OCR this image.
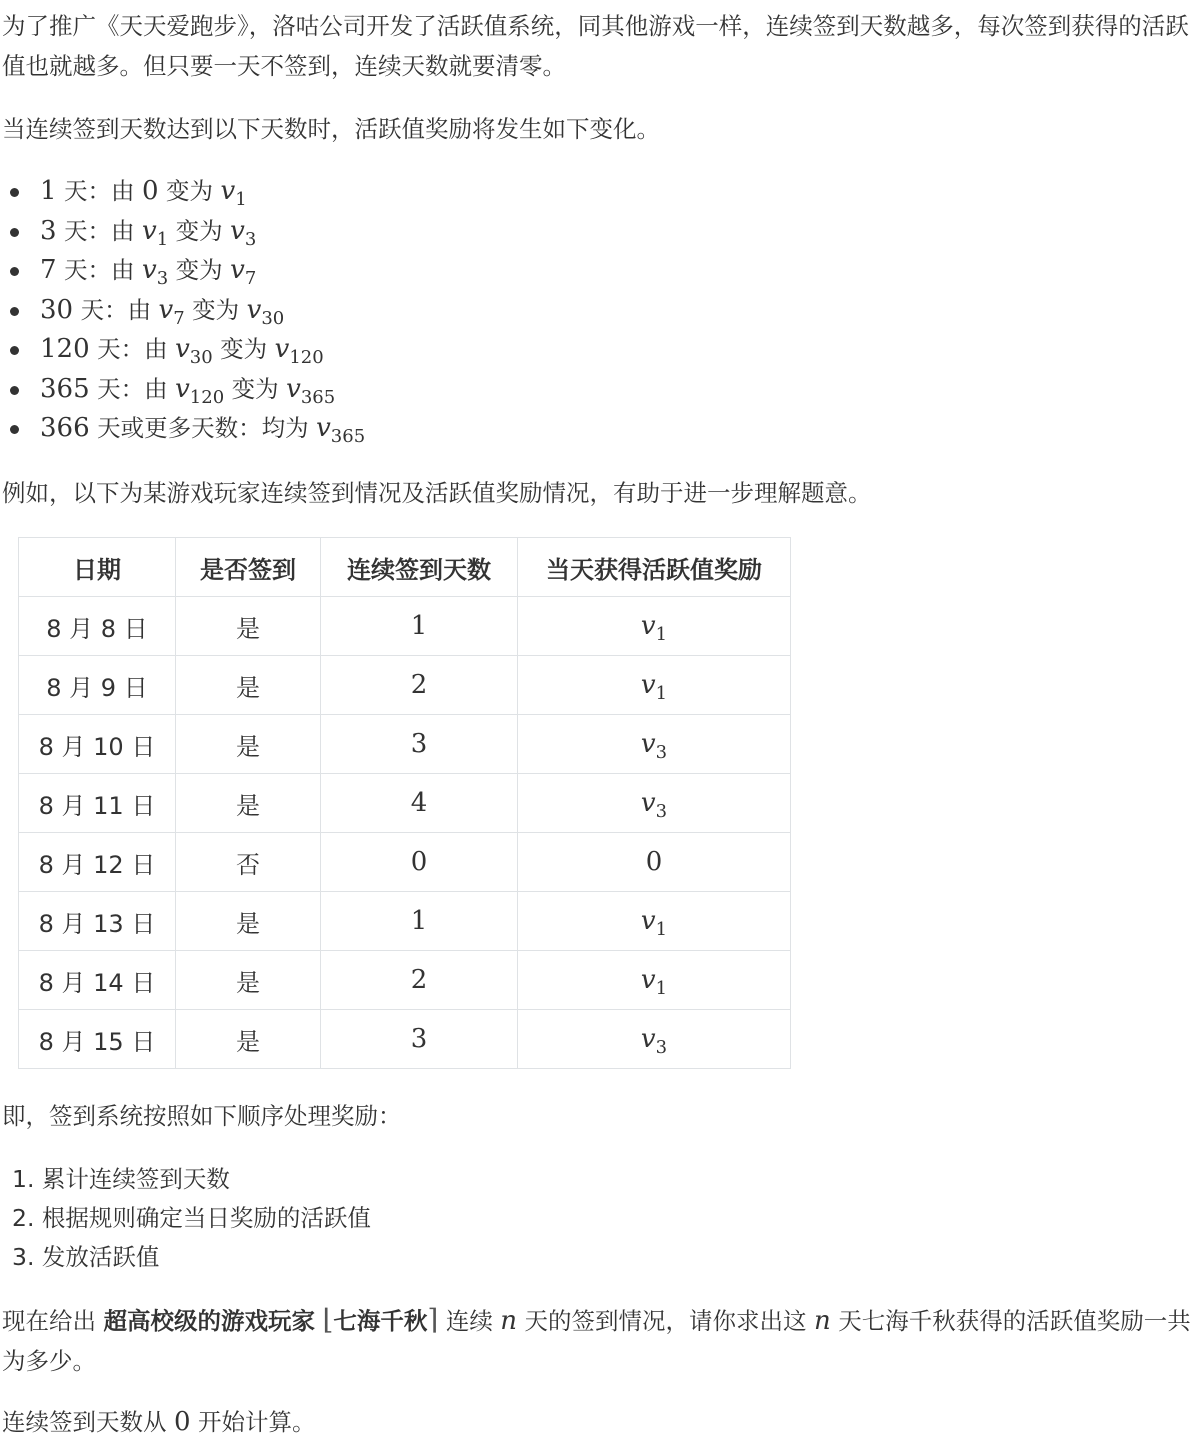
为了推广《天天爱跑步》，洛咕公司开发了活跃值系统，同其他游戏一样，连续签到天数越多，每次签到获得的活跃值也就越多。但只要一天不签到，连续天数就要清零。

当连续签到天数达到以下天数时，活跃值奖励将发生如下变化。

1 天：由 0 变为 $v_1$
3 天：由 $v_1$ 变为 $v_3$
7 天：由 $v_3$ 变为 $v_7$
30 天：由 $v_7$ 变为 $v_{30}$
120 天：由 $v_{30}$ 变为 $v_{120}$
365 天：由 $v_{120}$ 变为 $v_{365}$
366 天或更多天数：均为 $v_{365}$

例如，以下为某游戏玩家连续签到情况及活跃值奖励情况，有助于进一步理解题意。

日期	是否签到	连续签到天数	当天获得活跃值奖励
8 月 8 日	是	1	$v_1$
8 月 9 日	是	2	$v_1$
8 月 10 日	是	3	$v_3$
8 月 11 日	是	4	$v_3$
8 月 12 日	否	0	0
8 月 13 日	是	1	$v_1$
8 月 14 日	是	2	$v_1$
8 月 15 日	是	3	$v_3$

即，签到系统按照如下顺序处理奖励：

1. 累计连续签到天数
2. 根据规则确定当日奖励的活跃值
3. 发放活跃值

现在给出 超高校级的游戏玩家 ⌊七海千秋⌉ 连续 n 天的签到情况，请你求出这 n 天七海千秋获得的活跃值奖励一共为多少。

连续签到天数从 0 开始计算。
